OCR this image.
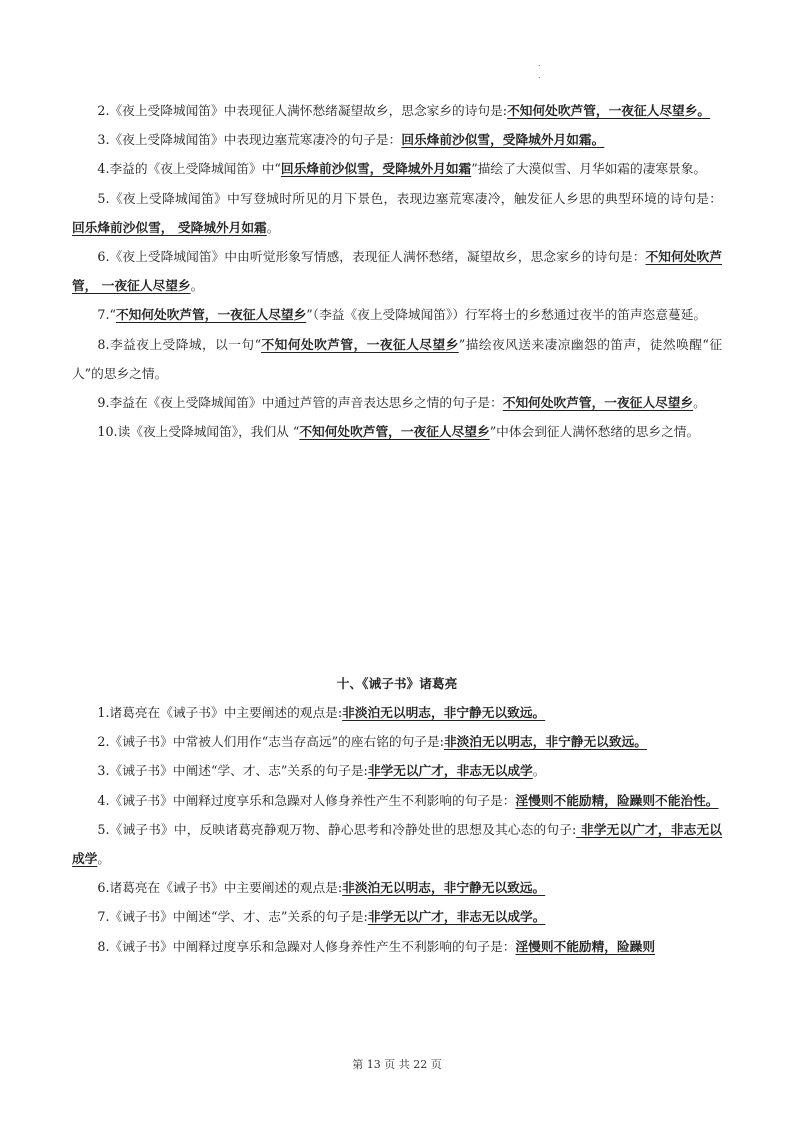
.
.

2.《夜上受降城闻笛》中表现征人满怀愁绪凝望故乡，思念家乡的诗句是:不知何处吹芦管，一夜征人尽望乡。

3.《夜上受降城闻笛》中表现边塞荒寒凄冷的句子是：回乐烽前沙似雪，受降城外月如霜。

4.李益的《夜上受降城闻笛》中“回乐烽前沙似雪，受降城外月如霜”描绘了大漠似雪、月华如霜的凄寒景象。

5.《夜上受降城闻笛》中写登城时所见的月下景色，表现边塞荒寒凄冷，触发征人乡思的典型环境的诗句是： 回乐烽前沙似雪， 受降城外月如霜。

6.《夜上受降城闻笛》中由听觉形象写情感，表现征人满怀愁绪，凝望故乡，思念家乡的诗句是：不知何处吹芦管， 一夜征人尽望乡。

7.“不知何处吹芦管，一夜征人尽望乡”（李益《夜上受降城闻笛》）行军将士的乡愁通过夜半的笛声恣意蔓延。

8.李益夜上受降城，以一句“不知何处吹芦管，一夜征人尽望乡”描绘夜风送来凄凉幽怨的笛声，徒然唤醒“征人”的思乡之情。

9.李益在《夜上受降城闻笛》中通过芦管的声音表达思乡之情的句子是：不知何处吹芦管，一夜征人尽望乡。

10.读《夜上受降城闻笛》，我们从 “不知何处吹芦管，一夜征人尽望乡”中体会到征人满怀愁绪的思乡之情。

十、《诫子书》诸葛亮

1.诸葛亮在《诫子书》中主要阐述的观点是:非淡泊无以明志，非宁静无以致远。

2.《诫子书》中常被人们用作“志当存高远”的座右铭的句子是:非淡泊无以明志，非宁静无以致远。

3.《诫子书》中阐述“学、才、志”关系的句子是:非学无以广才，非志无以成学。

4.《诫子书》中阐释过度享乐和急躁对人修身养性产生不利影响的句子是：淫慢则不能励精，险躁则不能治性。

5.《诫子书》中，反映诸葛亮静观万物、静心思考和冷静处世的思想及其心态的句子: 非学无以广才，非志无以成学。

6.诸葛亮在《诫子书》中主要阐述的观点是:非淡泊无以明志，非宁静无以致远。

7.《诫子书》中阐述“学、才、志”关系的句子是:非学无以广才，非志无以成学。

8.《诫子书》中阐释过度享乐和急躁对人修身养性产生不利影响的句子是：淫慢则不能励精，险躁则

第 13 页 共 22 页
